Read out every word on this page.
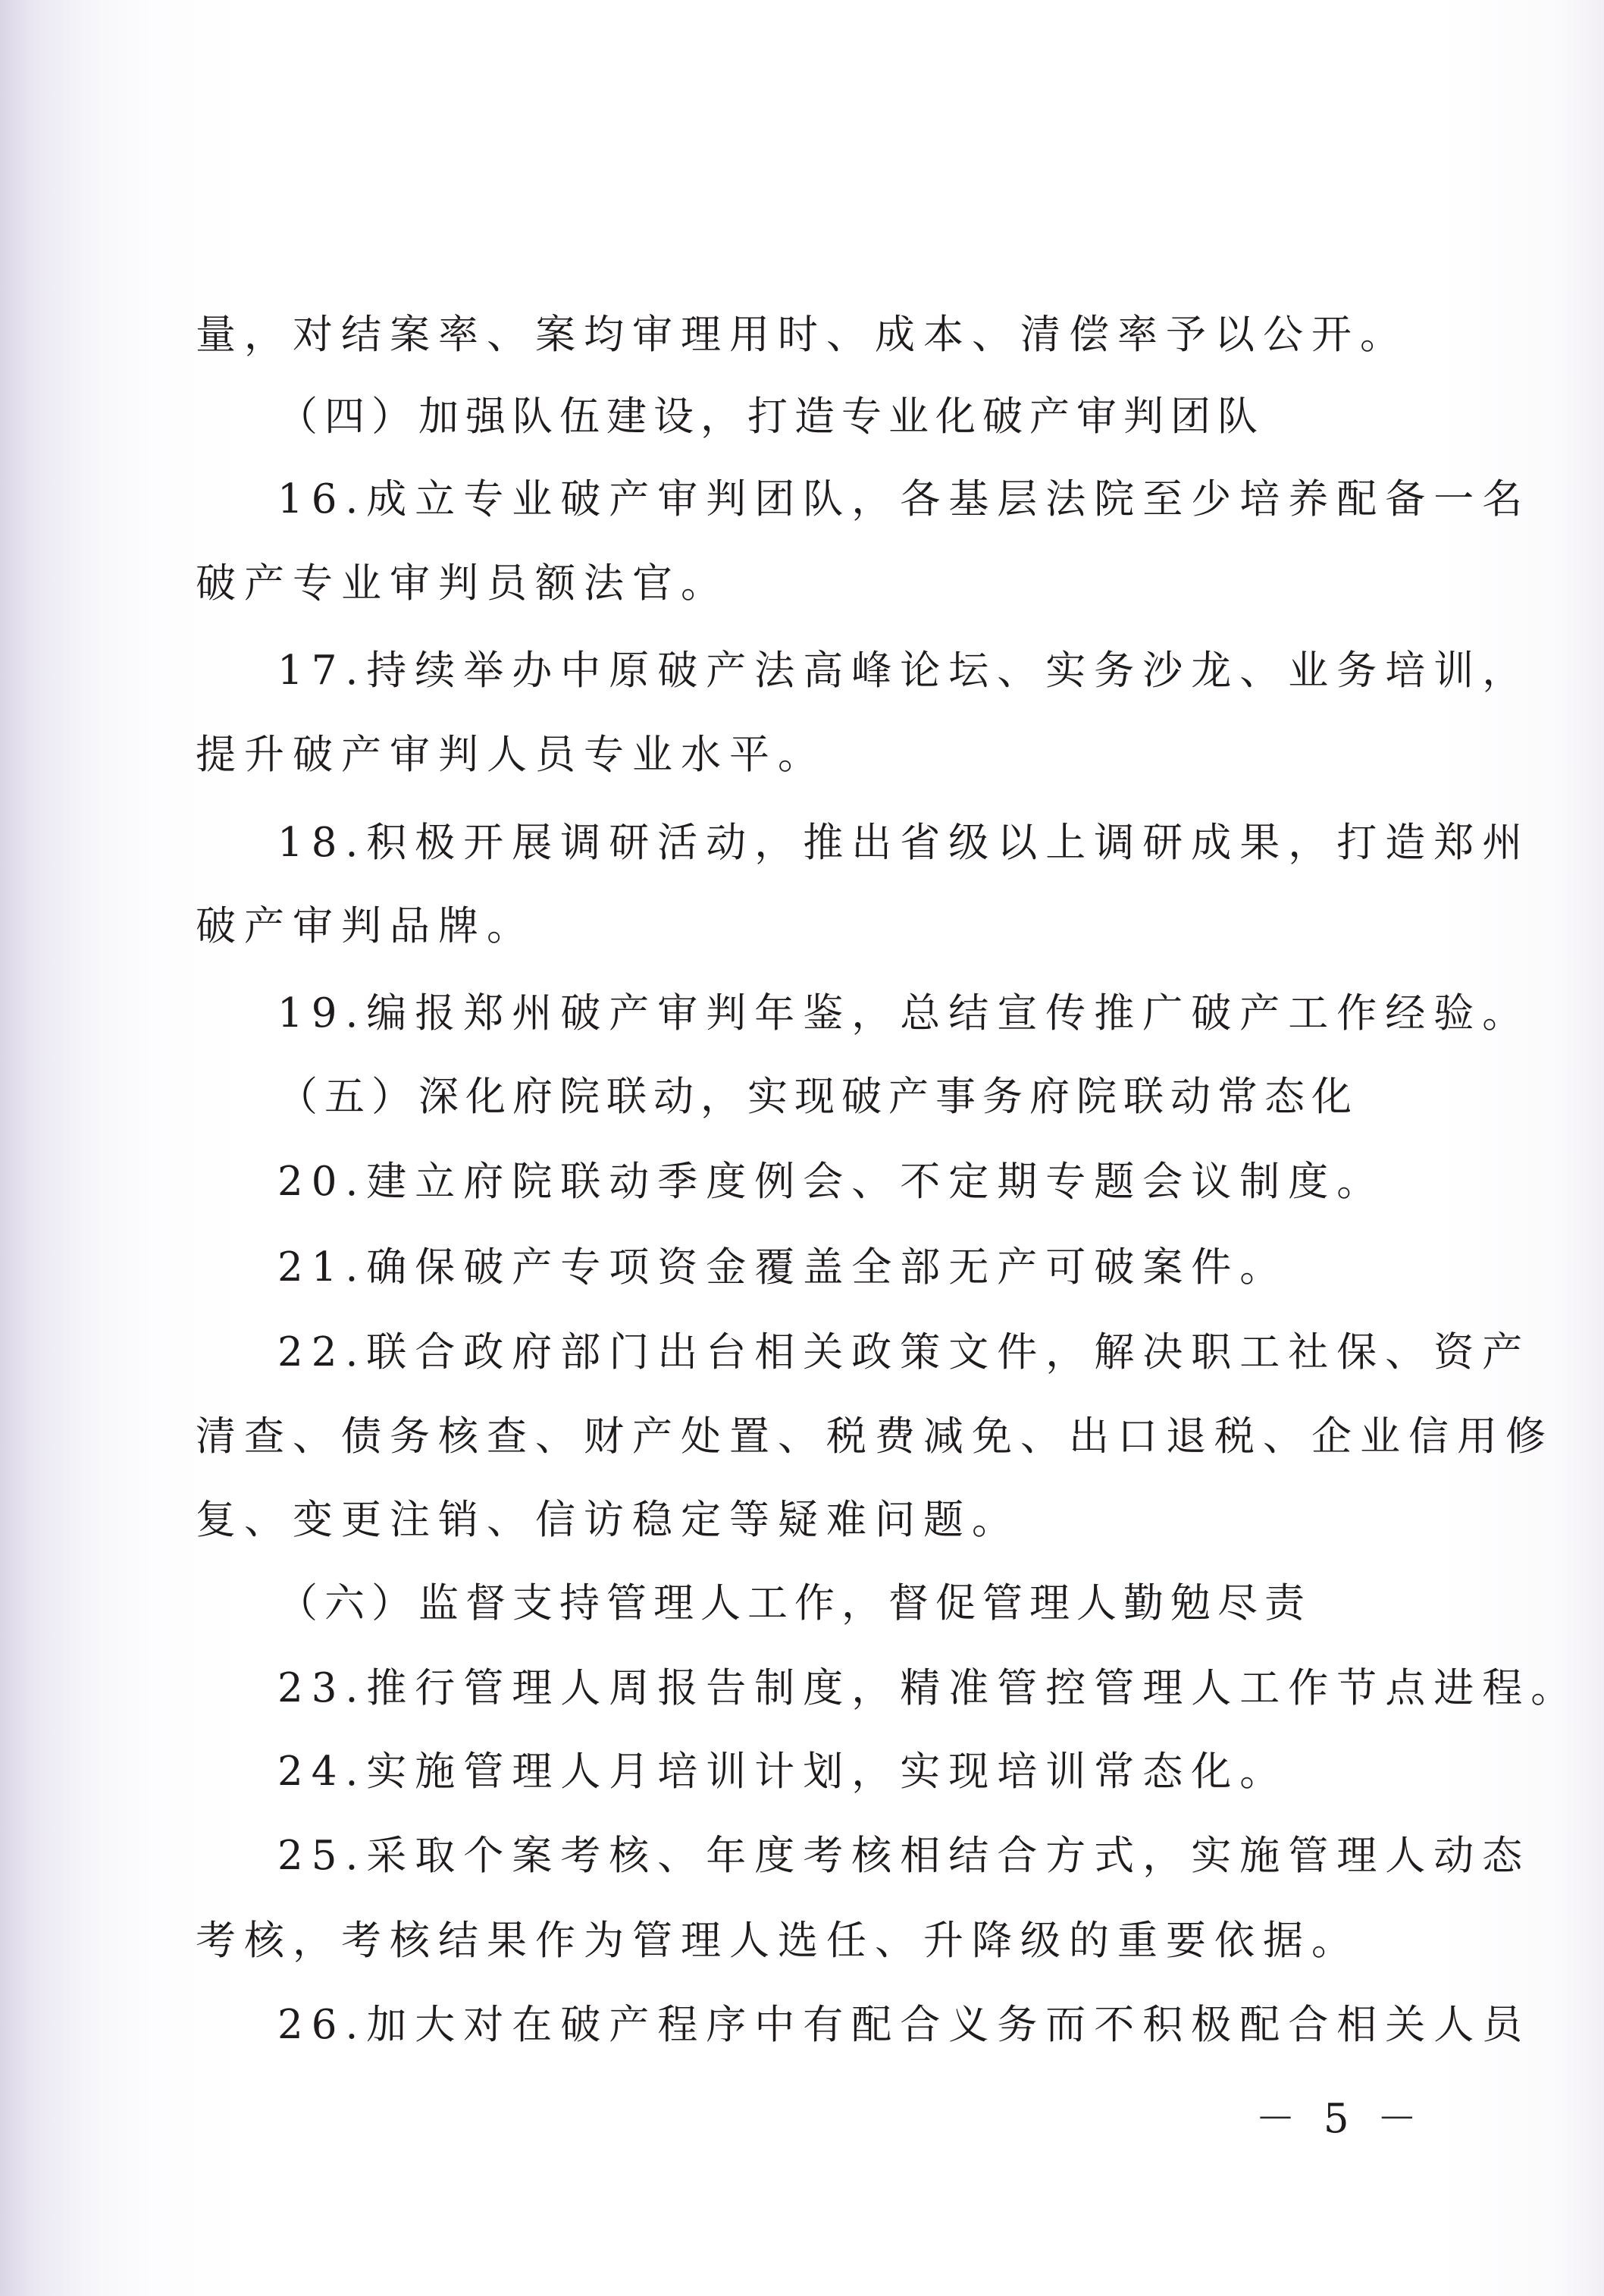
量，对结案率、案均审理用时、成本、清偿率予以公开。
（四）加强队伍建设，打造专业化破产审判团队
16.成立专业破产审判团队，各基层法院至少培养配备一名
破产专业审判员额法官。
17.持续举办中原破产法高峰论坛、实务沙龙、业务培训，
提升破产审判人员专业水平。
18.积极开展调研活动，推出省级以上调研成果，打造郑州
破产审判品牌。
19.编报郑州破产审判年鉴，总结宣传推广破产工作经验。
（五）深化府院联动，实现破产事务府院联动常态化
20.建立府院联动季度例会、不定期专题会议制度。
21.确保破产专项资金覆盖全部无产可破案件。
22.联合政府部门出台相关政策文件，解决职工社保、资产
清查、债务核查、财产处置、税费减免、出口退税、企业信用修
复、变更注销、信访稳定等疑难问题。
（六）监督支持管理人工作，督促管理人勤勉尽责
23.推行管理人周报告制度，精准管控管理人工作节点进程。
24.实施管理人月培训计划，实现培训常态化。
25.采取个案考核、年度考核相结合方式，实施管理人动态
考核，考核结果作为管理人选任、升降级的重要依据。
26.加大对在破产程序中有配合义务而不积极配合相关人员
－ 5 －
